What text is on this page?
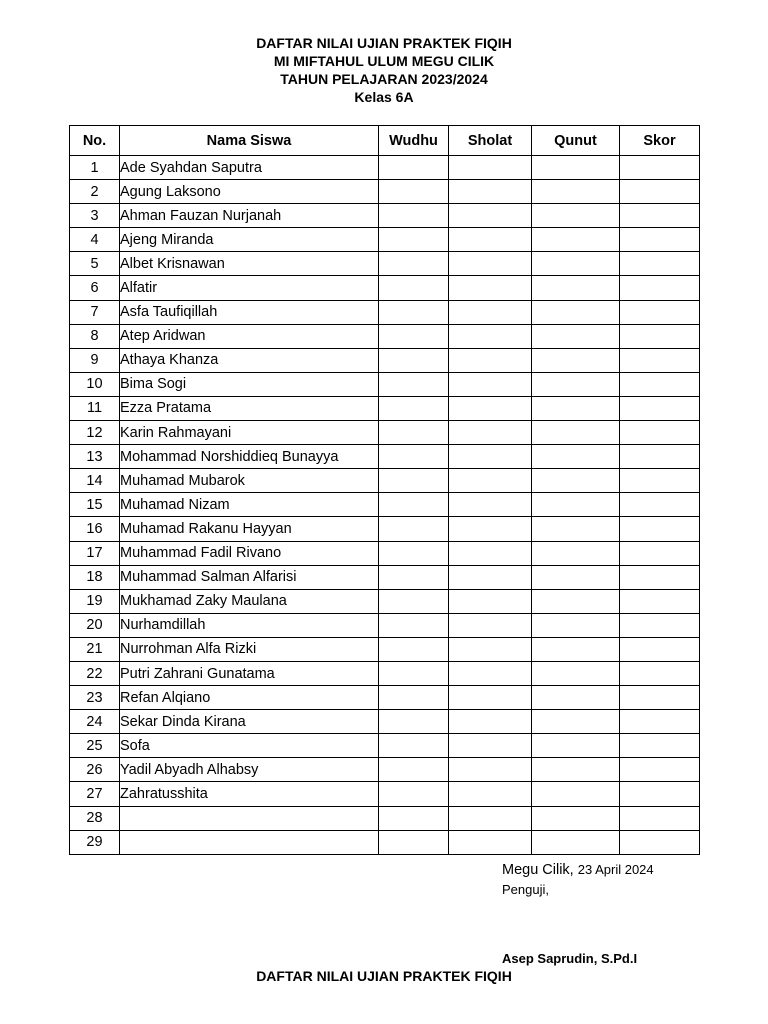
DAFTAR NILAI UJIAN PRAKTEK FIQIH
MI MIFTAHUL ULUM MEGU CILIK
TAHUN PELAJARAN 2023/2024
Kelas 6A
No.	Nama Siswa	Wudhu	Sholat	Qunut	Skor
1	Ade Syahdan Saputra				
2	Agung Laksono				
3	Ahman Fauzan Nurjanah				
4	Ajeng Miranda				
5	Albet Krisnawan				
6	Alfatir				
7	Asfa Taufiqillah				
8	Atep Aridwan				
9	Athaya Khanza				
10	Bima Sogi				
11	Ezza Pratama				
12	Karin Rahmayani				
13	Mohammad Norshiddieq Bunayya				
14	Muhamad Mubarok				
15	Muhamad Nizam				
16	Muhamad Rakanu Hayyan				
17	Muhammad Fadil Rivano				
18	Muhammad Salman Alfarisi				
19	Mukhamad Zaky Maulana				
20	Nurhamdillah				
21	Nurrohman Alfa Rizki				
22	Putri Zahrani Gunatama				
23	Refan Alqiano				
24	Sekar Dinda Kirana				
25	Sofa				
26	Yadil Abyadh Alhabsy				
27	Zahratusshita				
28					
29					
Megu Cilik, 23 April 2024
Penguji,
Asep Saprudin, S.Pd.I
DAFTAR NILAI UJIAN PRAKTEK FIQIH
